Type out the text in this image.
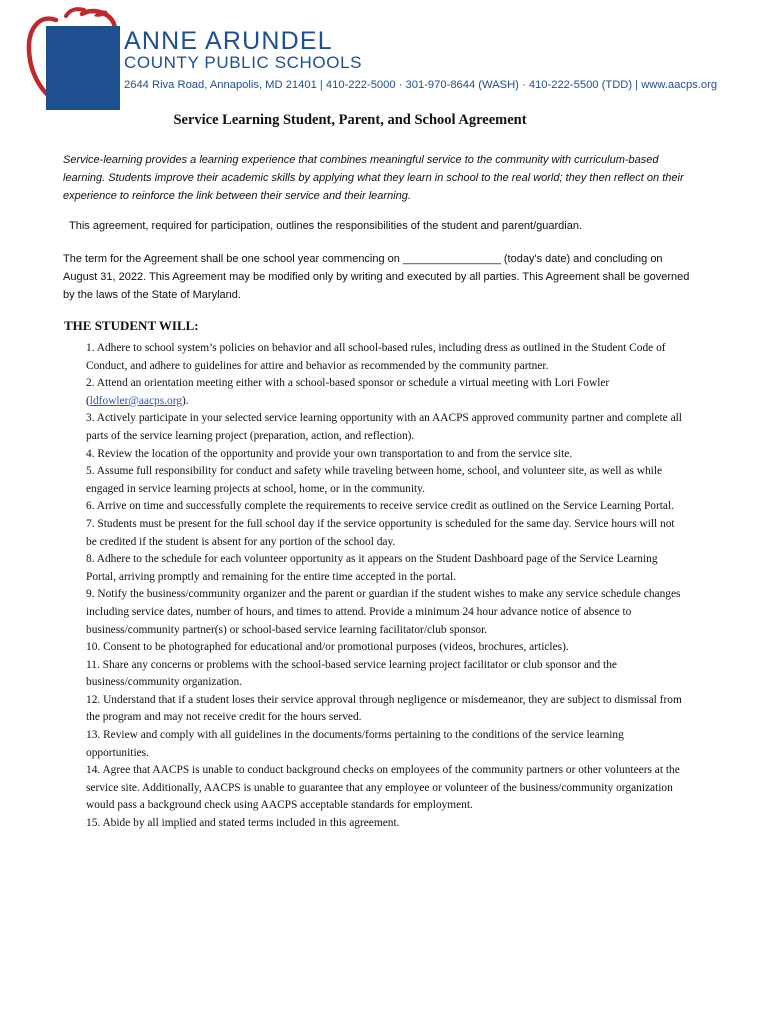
ANNE ARUNDEL
COUNTY PUBLIC SCHOOLS
2644 Riva Road, Annapolis, MD 21401 | 410-222-5000 · 301-970-8644 (WASH) · 410-222-5500 (TDD) | www.aacps.org
Service Learning Student, Parent, and School Agreement
Service-learning provides a learning experience that combines meaningful service to the community with curriculum-based learning. Students improve their academic skills by applying what they learn in school to the real world; they then reflect on their experience to reinforce the link between their service and their learning.
This agreement, required for participation, outlines the responsibilities of the student and parent/guardian.
The term for the Agreement shall be one school year commencing on ________________ (today's date) and concluding on August 31, 2022. This Agreement may be modified only by writing and executed by all parties. This Agreement shall be governed by the laws of the State of Maryland.
THE STUDENT WILL:
1. Adhere to school system’s policies on behavior and all school-based rules, including dress as outlined in the Student Code of Conduct, and adhere to guidelines for attire and behavior as recommended by the community partner.
2. Attend an orientation meeting either with a school-based sponsor or schedule a virtual meeting with Lori Fowler
(ldfowler@aacps.org).
3. Actively participate in your selected service learning opportunity with an AACPS approved community partner and complete all parts of the service learning project (preparation, action, and reflection).
4. Review the location of the opportunity and provide your own transportation to and from the service site.
5. Assume full responsibility for conduct and safety while traveling between home, school, and volunteer site, as well as while engaged in service learning projects at school, home, or in the community.
6. Arrive on time and successfully complete the requirements to receive service credit as outlined on the Service Learning Portal.
7. Students must be present for the full school day if the service opportunity is scheduled for the same day. Service hours will not be credited if the student is absent for any portion of the school day.
8. Adhere to the schedule for each volunteer opportunity as it appears on the Student Dashboard page of the Service Learning Portal, arriving promptly and remaining for the entire time accepted in the portal.
9. Notify the business/community organizer and the parent or guardian if the student wishes to make any service schedule changes including service dates, number of hours, and times to attend. Provide a minimum 24 hour advance notice of absence to business/community partner(s) or school-based service learning facilitator/club sponsor.
10. Consent to be photographed for educational and/or promotional purposes (videos, brochures, articles).
11. Share any concerns or problems with the school-based service learning project facilitator or club sponsor and the business/community organization.
12. Understand that if a student loses their service approval through negligence or misdemeanor, they are subject to dismissal from the program and may not receive credit for the hours served.
13. Review and comply with all guidelines in the documents/forms pertaining to the conditions of the service learning opportunities.
14. Agree that AACPS is unable to conduct background checks on employees of the community partners or other volunteers at the service site. Additionally, AACPS is unable to guarantee that any employee or volunteer of the business/community organization would pass a background check using AACPS acceptable standards for employment.
15. Abide by all implied and stated terms included in this agreement.
